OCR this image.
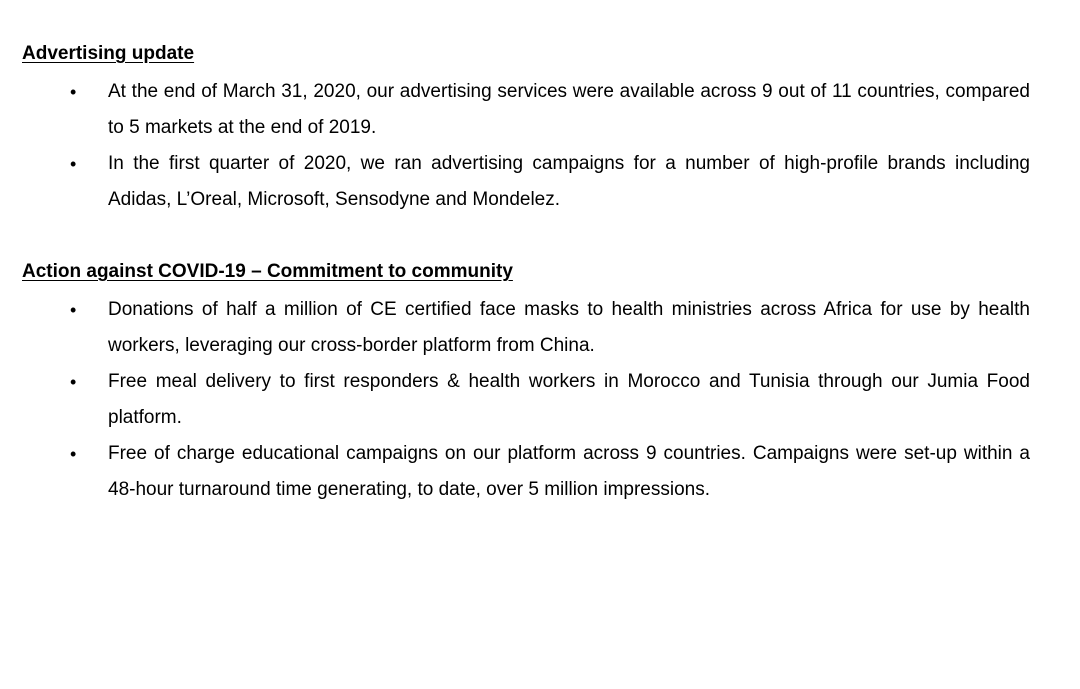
Advertising update
• At the end of March 31, 2020, our advertising services were available across 9 out of 11 countries, compared to 5 markets at the end of 2019.
• In the first quarter of 2020, we ran advertising campaigns for a number of high-profile brands including Adidas, L’Oreal, Microsoft, Sensodyne and Mondelez.
Action against COVID-19 – Commitment to community
• Donations of half a million of CE certified face masks to health ministries across Africa for use by health workers, leveraging our cross-border platform from China.
• Free meal delivery to first responders & health workers in Morocco and Tunisia through our Jumia Food platform.
• Free of charge educational campaigns on our platform across 9 countries. Campaigns were set-up within a 48-hour turnaround time generating, to date, over 5 million impressions.
